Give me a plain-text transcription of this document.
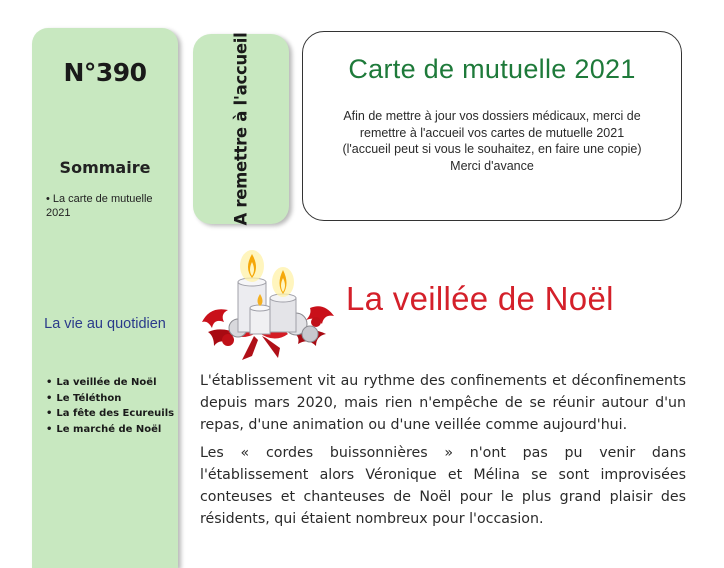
N°390
Sommaire
• La carte de mutuelle 2021
La vie au quotidien
• La veillée de Noël
• Le Téléthon
• La fête des Ecureuils
• Le marché de Noël
A remettre à l'accueil	Carte de mutuelle 2021
Afin de mettre à jour vos dossiers médicaux, merci de
remettre à l'accueil vos cartes de mutuelle 2021
(l'accueil peut si vous le souhaitez, en faire une copie)
Merci d'avance
La veillée de Noël

L'établissement vit au rythme des confinements et déconfinements depuis mars 2020, mais rien n'empêche de se réunir autour d'un repas, d'une animation ou d'une veillée comme aujourd'hui.

Les « cordes buissonnières » n'ont pas pu venir dans l'établissement alors Véronique et Mélina se sont improvisées conteuses et chanteuses de Noël pour le plus grand plaisir des résidents, qui étaient nombreux pour l'occasion.
